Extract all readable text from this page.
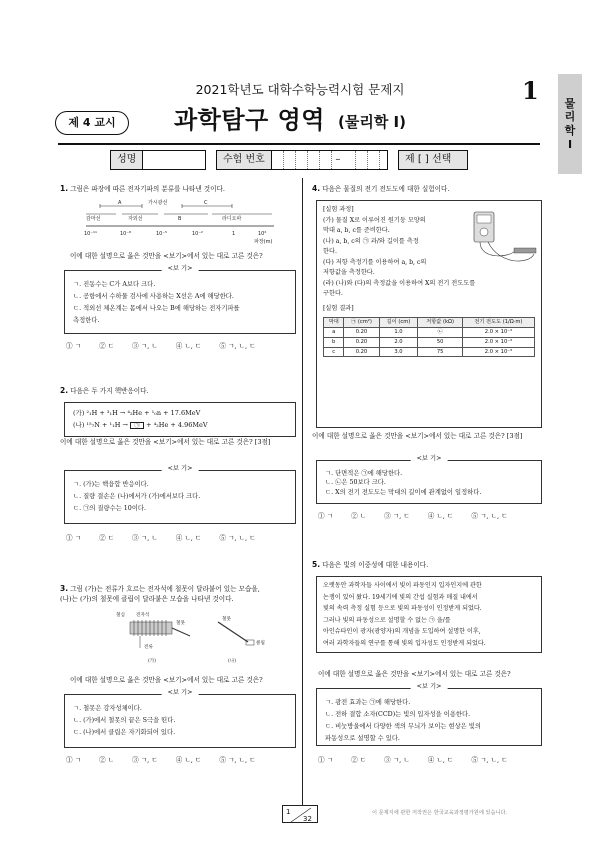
2021학년도 대학수학능력시험 문제지	1 물
리
학
Ⅰ
제 4 교시	과학탐구 영역 (물리학 Ⅰ)
성명	수험 번호	–	제 [ ] 선택
1. 그림은 파장에 따른 전자기파의 분류를 나타낸 것이다.
A	가시광선	C
감마선	자외선	B	라디오파
10⁻¹¹	10⁻⁸	10⁻⁵	10⁻²	1	10²
파장(m)
이에 대한 설명으로 옳은 것만을 <보기>에서 있는 대로 고른 것은?
<보 기>
ㄱ. 진동수는 C가 A보다 크다.
ㄴ. 공항에서 수하물 검사에 사용하는 X선은 A에 해당한다.
ㄷ. 적외선 체온계는 몸에서 나오는 B에 해당하는 전자기파를
측정한다.
① ㄱ	② ㄷ	③ ㄱ, ㄴ	④ ㄴ, ㄷ	⑤ ㄱ, ㄴ, ㄷ
2. 다음은 두 가지 핵반응이다.
(가) ²₁H + ³₁H → ⁴₂He + ¹₀n + 17.6MeV
(나) ¹⁵₇N + ¹₁H → ㉠ + ⁴₂He + 4.96MeV
이에 대한 설명으로 옳은 것만을 <보기>에서 있는 대로 고른 것은? [3점]
<보 기>
ㄱ. (가)는 핵융합 반응이다.
ㄴ. 질량 결손은 (나)에서가 (가)에서보다 크다.
ㄷ. ㉠의 질량수는 10이다.
① ㄱ	② ㄷ	③ ㄱ, ㄴ	④ ㄴ, ㄷ	⑤ ㄱ, ㄴ, ㄷ
3. 그림 (가)는 전류가 흐르는 전자석에 철못이 달라붙어 있는 모습을,
(나)는 (가)의 철못에 클립이 달라붙은 모습을 나타낸 것이다.
철심 전자석
철못
전류
철못
클립
(가)	(나)
이에 대한 설명으로 옳은 것만을 <보기>에서 있는 대로 고른 것은?
<보 기>
ㄱ. 철못은 강자성체이다.
ㄴ. (가)에서 철못의 끝은 S극을 띤다.
ㄷ. (나)에서 클립은 자기화되어 있다.
① ㄱ	② ㄴ	③ ㄱ, ㄷ	④ ㄴ, ㄷ	⑤ ㄱ, ㄴ, ㄷ
4. 다음은 물질의 전기 전도도에 대한 실험이다.
[실험 과정]
(가) 물질 X로 이루어진 원기둥 모양의
막대 a, b, c를 준비한다.
(나) a, b, c의 ㉠ 과/와 길이를 측정
한다.
(다) 저항 측정기를 이용하여 a, b, c의
저항값을 측정한다.
(라) (나)와 (다)의 측정값을 이용하여 X의 전기 전도도를
구한다.
[실험 결과]
막대	㉠ (cm²)	길이 (cm)	저항값 (kΩ)	전기 전도도 (1/Ω·m)
a	0.20	1.0	㉡	2.0 × 10⁻³
b	0.20	2.0	50	2.0 × 10⁻³
c	0.20	3.0	75	2.0 × 10⁻³
이에 대한 설명으로 옳은 것만을 <보기>에서 있는 대로 고른 것은? [3점]
<보 기>
ㄱ. 단면적은 ㉠에 해당한다.
ㄴ. ㉡은 50보다 크다.
ㄷ. X의 전기 전도도는 막대의 길이에 관계없이 일정하다.
① ㄱ	② ㄴ	③ ㄱ, ㄷ	④ ㄴ, ㄷ	⑤ ㄱ, ㄴ, ㄷ
5. 다음은 빛의 이중성에 대한 내용이다.
오랫동안 과학자들 사이에서 빛이 파동인지 입자인지에 관한
논쟁이 있어 왔다. 19세기에 빛의 간섭 실험과 매질 내에서
빛의 속력 측정 실험 등으로 빛의 파동성이 인정받게 되었다.
그러나 빛의 파동성으로 설명할 수 없는 ㉠ 을/를
아인슈타인이 광자(광양자)의 개념을 도입하여 설명한 이후,
여러 과학자들의 연구를 통해 빛의 입자성도 인정받게 되었다.
이에 대한 설명으로 옳은 것만을 <보기>에서 있는 대로 고른 것은?
<보 기>
ㄱ. 광전 효과는 ㉠에 해당한다.
ㄴ. 전하 결합 소자(CCD)는 빛의 입자성을 이용한다.
ㄷ. 비눗방울에서 다양한 색의 무늬가 보이는 현상은 빛의
파동성으로 설명할 수 있다.
① ㄱ	② ㄷ	③ ㄱ, ㄴ	④ ㄴ, ㄷ	⑤ ㄱ, ㄴ, ㄷ
1
32
이 문제지에 관한 저작권은 한국교육과정평가원에 있습니다.
